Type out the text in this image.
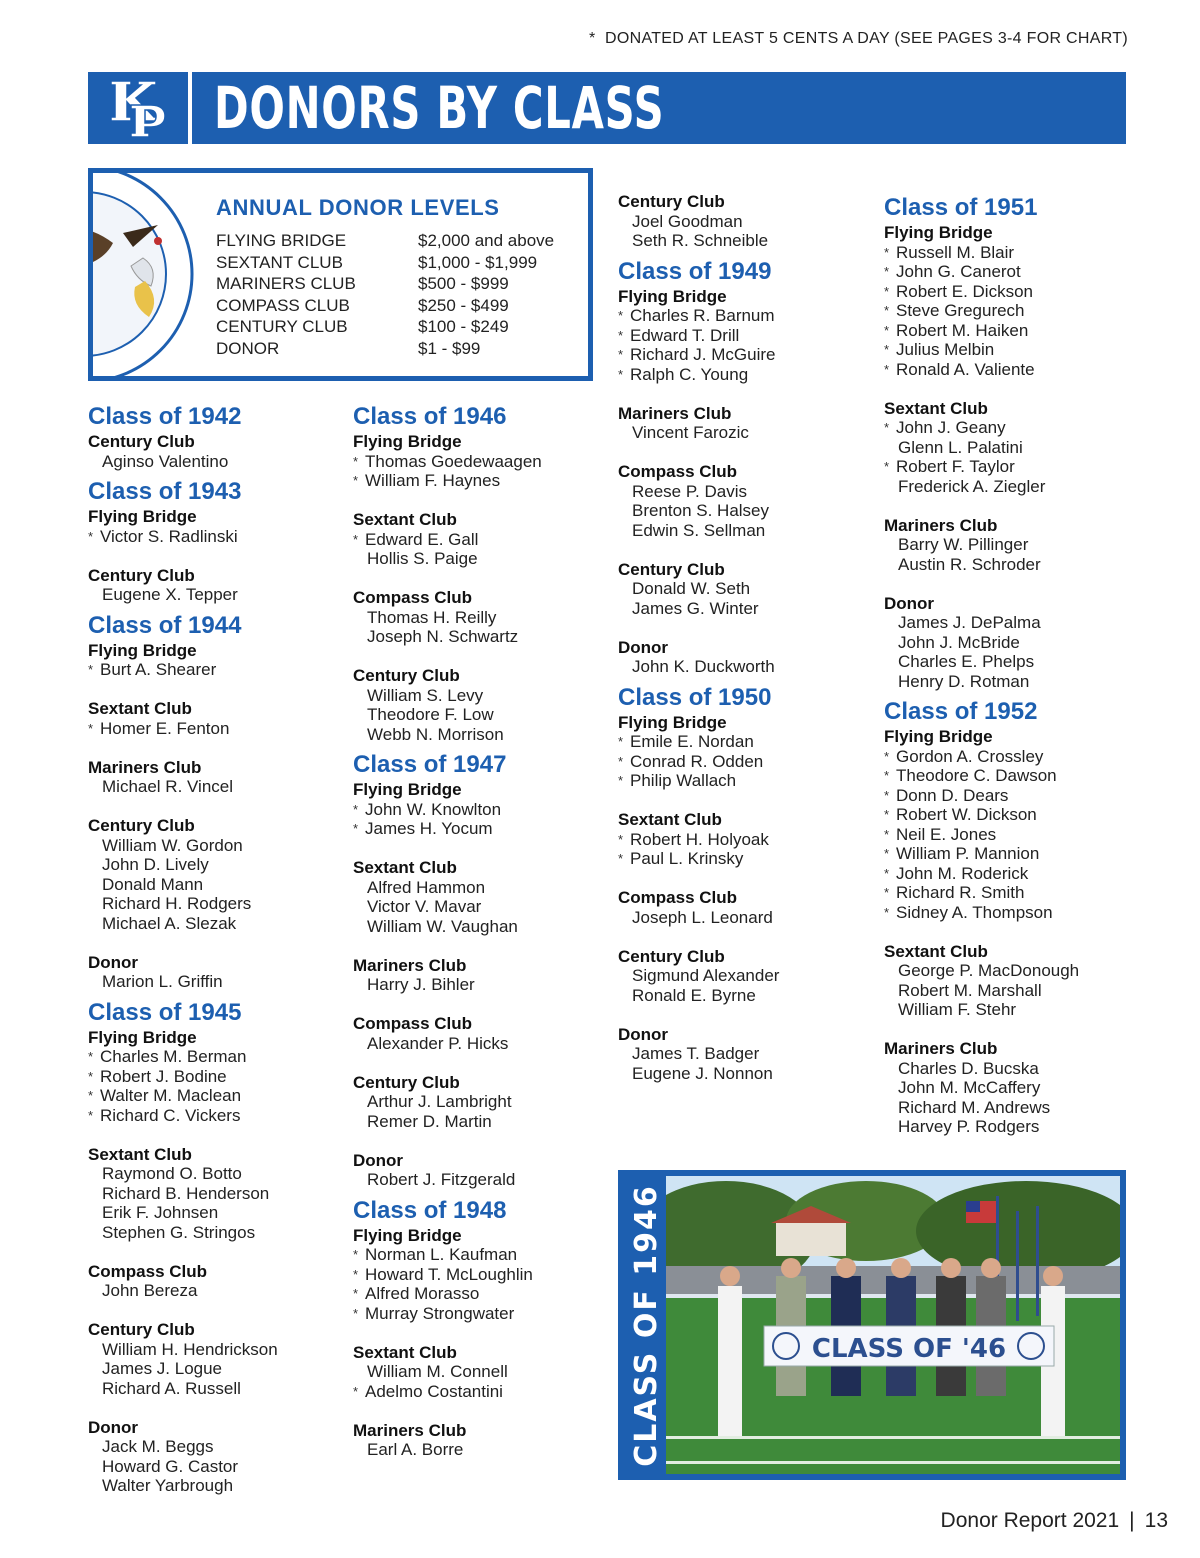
* DONATED AT LEAST 5 CENTS A DAY (SEE PAGES 3-4 FOR CHART)
DONORS BY CLASS
ANNUAL DONOR LEVELS
FLYING BRIDGE	$2,000 and above
SEXTANT CLUB	$1,000 - $1,999
MARINERS CLUB	$500 - $999
COMPASS CLUB	$250 - $499
CENTURY CLUB	$100 - $249
DONOR	$1 - $99
Class of 1942
Century Club
Aginso Valentino
Class of 1943
Flying Bridge
* Victor S. Radlinski
Century Club
Eugene X. Tepper
Class of 1944
Flying Bridge
* Burt A. Shearer
Sextant Club
* Homer E. Fenton
Mariners Club
Michael R. Vincel
Century Club
William W. Gordon
John D. Lively
Donald Mann
Richard H. Rodgers
Michael A. Slezak
Donor
Marion L. Griffin
Class of 1945
Flying Bridge
* Charles M. Berman
* Robert J. Bodine
* Walter M. Maclean
* Richard C. Vickers
Sextant Club
Raymond O. Botto
Richard B. Henderson
Erik F. Johnsen
Stephen G. Stringos
Compass Club
John Bereza
Century Club
William H. Hendrickson
James J. Logue
Richard A. Russell
Donor
Jack M. Beggs
Howard G. Castor
Walter Yarbrough
Class of 1946
Flying Bridge
* Thomas Goedewaagen
* William F. Haynes
Sextant Club
* Edward E. Gall
Hollis S. Paige
Compass Club
Thomas H. Reilly
Joseph N. Schwartz
Century Club
William S. Levy
Theodore F. Low
Webb N. Morrison
Class of 1947
Flying Bridge
* John W. Knowlton
* James H. Yocum
Sextant Club
Alfred Hammon
Victor V. Mavar
William W. Vaughan
Mariners Club
Harry J. Bihler
Compass Club
Alexander P. Hicks
Century Club
Arthur J. Lambright
Remer D. Martin
Donor
Robert J. Fitzgerald
Class of 1948
Flying Bridge
* Norman L. Kaufman
* Howard T. McLoughlin
* Alfred Morasso
* Murray Strongwater
Sextant Club
William M. Connell
* Adelmo Costantini
Mariners Club
Earl A. Borre
Century Club
Joel Goodman
Seth R. Schneible
Class of 1949
Flying Bridge
* Charles R. Barnum
* Edward T. Drill
* Richard J. McGuire
* Ralph C. Young
Mariners Club
Vincent Farozic
Compass Club
Reese P. Davis
Brenton S. Halsey
Edwin S. Sellman
Century Club
Donald W. Seth
James G. Winter
Donor
John K. Duckworth
Class of 1950
Flying Bridge
* Emile E. Nordan
* Conrad R. Odden
* Philip Wallach
Sextant Club
* Robert H. Holyoak
* Paul L. Krinsky
Compass Club
Joseph L. Leonard
Century Club
Sigmund Alexander
Ronald E. Byrne
Donor
James T. Badger
Eugene J. Nonnon
Class of 1951
Flying Bridge
* Russell M. Blair
* John G. Canerot
* Robert E. Dickson
* Steve Gregurech
* Robert M. Haiken
* Julius Melbin
* Ronald A. Valiente
Sextant Club
* John J. Geany
Glenn L. Palatini
* Robert F. Taylor
Frederick A. Ziegler
Mariners Club
Barry W. Pillinger
Austin R. Schroder
Donor
James J. DePalma
John J. McBride
Charles E. Phelps
Henry D. Rotman
Class of 1952
Flying Bridge
* Gordon A. Crossley
* Theodore C. Dawson
* Donn D. Dears
* Robert W. Dickson
* Neil E. Jones
* William P. Mannion
* John M. Roderick
* Richard R. Smith
* Sidney A. Thompson
Sextant Club
George P. MacDonough
Robert M. Marshall
William F. Stehr
Mariners Club
Charles D. Bucska
John M. McCaffery
Richard M. Andrews
Harvey P. Rodgers
CLASS OF 1946	CLASS OF '46
Donor Report 2021 | 13
